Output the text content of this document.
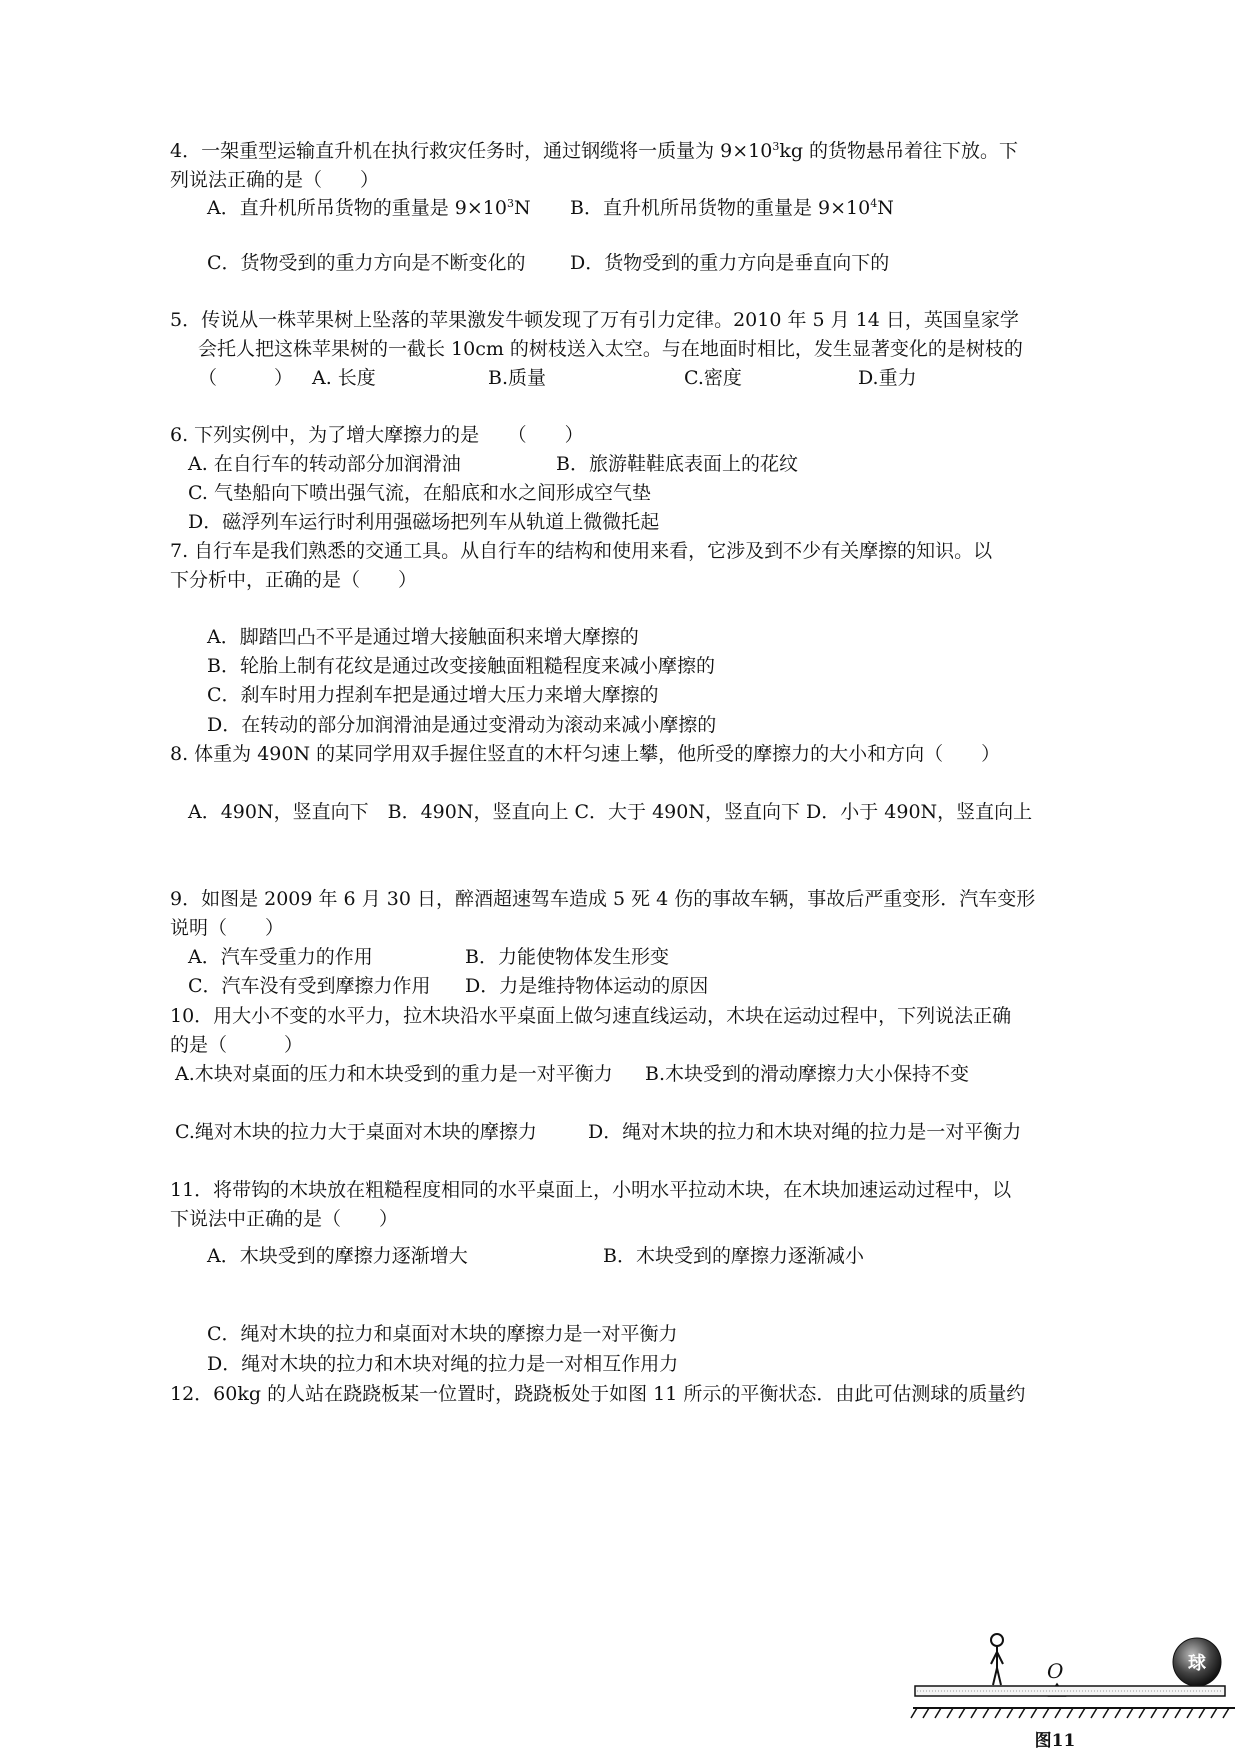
4．一架重型运输直升机在执行救灾任务时，通过钢缆将一质量为 $9\times 10^3kg$ 的货物悬吊着往下放。下
列说法正确的是（　　）
A．直升机所吊货物的重量是 $9\times 10^3N$ B．直升机所吊货物的重量是 $9\times 10^4N$
C．货物受到的重力方向是不断变化的 D．货物受到的重力方向是垂直向下的
5．传说从一株苹果树上坠落的苹果激发牛顿发现了万有引力定律。2010 年 5 月 14 日，英国皇家学
会托人把这株苹果树的一截长 10cm 的树枝送入太空。与在地面时相比，发生显著变化的是树枝的
（　　　） A. 长度	B.质量	C.密度	D.重力
6. 下列实例中，为了增大摩擦力的是　　（　　）
A. 在自行车的转动部分加润滑油	B．旅游鞋鞋底表面上的花纹
C. 气垫船向下喷出强气流，在船底和水之间形成空气垫
D．磁浮列车运行时利用强磁场把列车从轨道上微微托起
7. 自行车是我们熟悉的交通工具。从自行车的结构和使用来看，它涉及到不少有关摩擦的知识。以
下分析中，正确的是（　　）
A．脚踏凹凸不平是通过增大接触面积来增大摩擦的
B．轮胎上制有花纹是通过改变接触面粗糙程度来减小摩擦的
C．刹车时用力捏刹车把是通过增大压力来增大摩擦的
D．在转动的部分加润滑油是通过变滑动为滚动来减小摩擦的
8. 体重为 490N 的某同学用双手握住竖直的木杆匀速上攀，他所受的摩擦力的大小和方向（　　）
A．490N，竖直向下　B．490N，竖直向上 C．大于 490N，竖直向下 D．小于 490N，竖直向上
9．如图是 2009 年 6 月 30 日，醉酒超速驾车造成 5 死 4 伤的事故车辆，事故后严重变形．汽车变形
说明（　　）
A．汽车受重力的作用	B．力能使物体发生形变
C．汽车没有受到摩擦力作用 D．力是维持物体运动的原因
10．用大小不变的水平力，拉木块沿水平桌面上做匀速直线运动，木块在运动过程中，下列说法正确
的是（　　　）
A.木块对桌面的压力和木块受到的重力是一对平衡力 B.木块受到的滑动摩擦力大小保持不变
C.绳对木块的拉力大于桌面对木块的摩擦力	D．绳对木块的拉力和木块对绳的拉力是一对平衡力
11．将带钩的木块放在粗糙程度相同的水平桌面上，小明水平拉动木块，在木块加速运动过程中，以
下说法中正确的是（　　）
A．木块受到的摩擦力逐渐增大	B．木块受到的摩擦力逐渐减小
C．绳对木块的拉力和桌面对木块的摩擦力是一对平衡力
D．绳对木块的拉力和木块对绳的拉力是一对相互作用力
12．60kg 的人站在跷跷板某一位置时，跷跷板处于如图 11 所示的平衡状态．由此可估测球的质量约
O	球
图11
